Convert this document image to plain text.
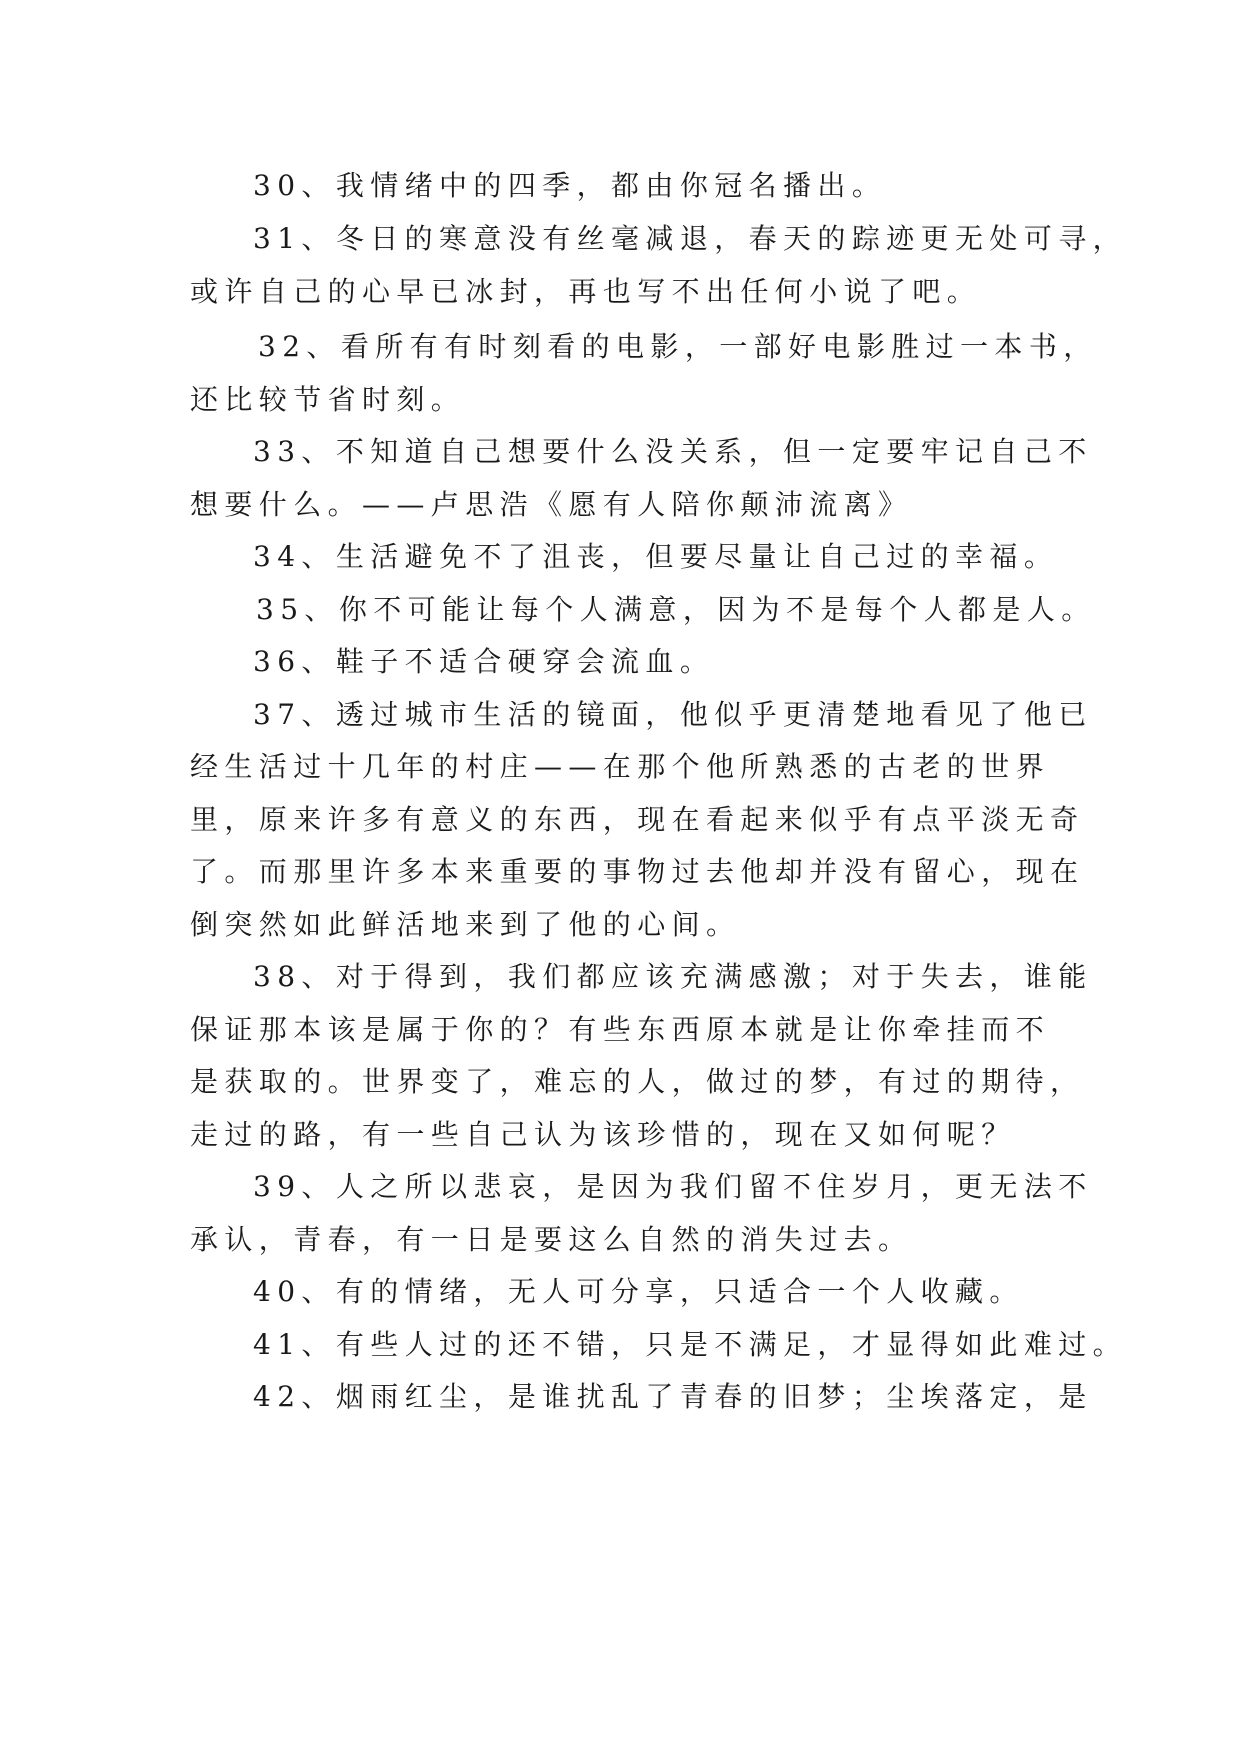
30、我情绪中的四季，都由你冠名播出。
31、冬日的寒意没有丝毫减退，春天的踪迹更无处可寻，
或许自己的心早已冰封，再也写不出任何小说了吧。
32、看所有有时刻看的电影，一部好电影胜过一本书，
还比较节省时刻。
33、不知道自己想要什么没关系，但一定要牢记自己不
想要什么。——卢思浩《愿有人陪你颠沛流离》
34、生活避免不了沮丧，但要尽量让自己过的幸福。
35、你不可能让每个人满意，因为不是每个人都是人。
36、鞋子不适合硬穿会流血。
37、透过城市生活的镜面，他似乎更清楚地看见了他已
经生活过十几年的村庄——在那个他所熟悉的古老的世界
里，原来许多有意义的东西，现在看起来似乎有点平淡无奇
了。而那里许多本来重要的事物过去他却并没有留心，现在
倒突然如此鲜活地来到了他的心间。
38、对于得到，我们都应该充满感激；对于失去，谁能
保证那本该是属于你的？有些东西原本就是让你牵挂而不
是获取的。世界变了，难忘的人，做过的梦，有过的期待，
走过的路，有一些自己认为该珍惜的，现在又如何呢？
39、人之所以悲哀，是因为我们留不住岁月，更无法不
承认，青春，有一日是要这么自然的消失过去。
40、有的情绪，无人可分享，只适合一个人收藏。
41、有些人过的还不错，只是不满足，才显得如此难过。
42、烟雨红尘，是谁扰乱了青春的旧梦；尘埃落定，是
